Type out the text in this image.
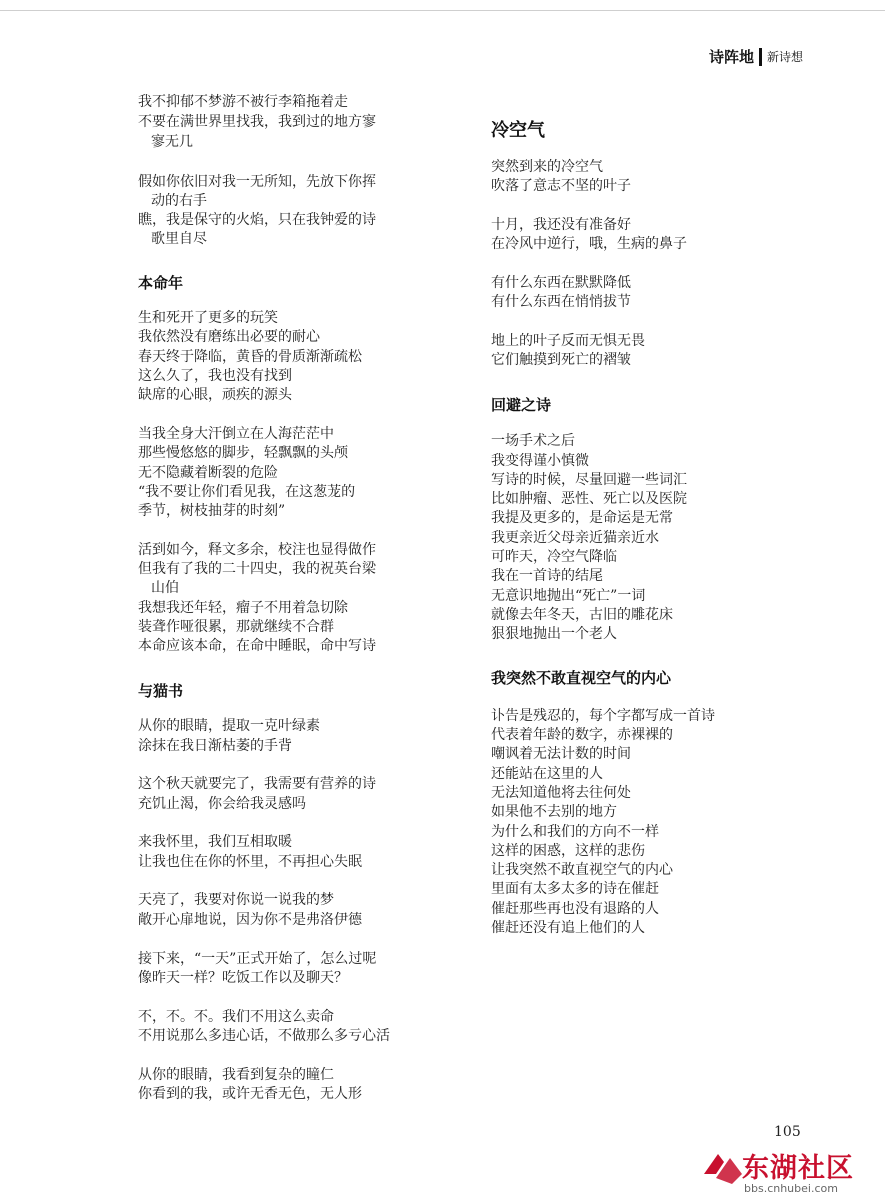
诗阵地 新诗想
我不抑郁不梦游不被行李箱拖着走
不要在满世界里找我，我到过的地方寥
寥无几
假如你依旧对我一无所知，先放下你挥
动的右手
瞧，我是保守的火焰，只在我钟爱的诗
歌里自尽
本命年
生和死开了更多的玩笑
我依然没有磨练出必要的耐心
春天终于降临，黄昏的骨质渐渐疏松
这么久了，我也没有找到
缺席的心眼，顽疾的源头
当我全身大汗倒立在人海茫茫中
那些慢悠悠的脚步，轻飘飘的头颅
无不隐藏着断裂的危险
“我不要让你们看见我，在这葱茏的
季节，树枝抽芽的时刻”
活到如今，释文多余，校注也显得做作
但我有了我的二十四史，我的祝英台梁
山伯
我想我还年轻，瘤子不用着急切除
装聋作哑很累，那就继续不合群
本命应该本命，在命中睡眠，命中写诗
与猫书
从你的眼睛，提取一克叶绿素
涂抹在我日渐枯萎的手背
这个秋天就要完了，我需要有营养的诗
充饥止渴，你会给我灵感吗
来我怀里，我们互相取暖
让我也住在你的怀里，不再担心失眠
天亮了，我要对你说一说我的梦
敞开心扉地说，因为你不是弗洛伊德
接下来，“一天”正式开始了，怎么过呢
像昨天一样？吃饭工作以及聊天？
不，不。不。我们不用这么卖命
不用说那么多违心话，不做那么多亏心活
从你的眼睛，我看到复杂的瞳仁
你看到的我，或许无香无色，无人形
冷空气
突然到来的冷空气
吹落了意志不坚的叶子
十月，我还没有准备好
在冷风中逆行，哦，生病的鼻子
有什么东西在默默降低
有什么东西在悄悄拔节
地上的叶子反而无惧无畏
它们触摸到死亡的褶皱
回避之诗
一场手术之后
我变得谨小慎微
写诗的时候，尽量回避一些词汇
比如肿瘤、恶性、死亡以及医院
我提及更多的，是命运是无常
我更亲近父母亲近猫亲近水
可昨天，冷空气降临
我在一首诗的结尾
无意识地抛出“死亡”一词
就像去年冬天，古旧的雕花床
狠狠地抛出一个老人
我突然不敢直视空气的内心
讣告是残忍的，每个字都写成一首诗
代表着年龄的数字，赤裸裸的
嘲讽着无法计数的时间
还能站在这里的人
无法知道他将去往何处
如果他不去别的地方
为什么和我们的方向不一样
这样的困惑，这样的悲伤
让我突然不敢直视空气的内心
里面有太多太多的诗在催赶
催赶那些再也没有退路的人
催赶还没有追上他们的人
105
东湖社区
bbs.cnhubei.com
